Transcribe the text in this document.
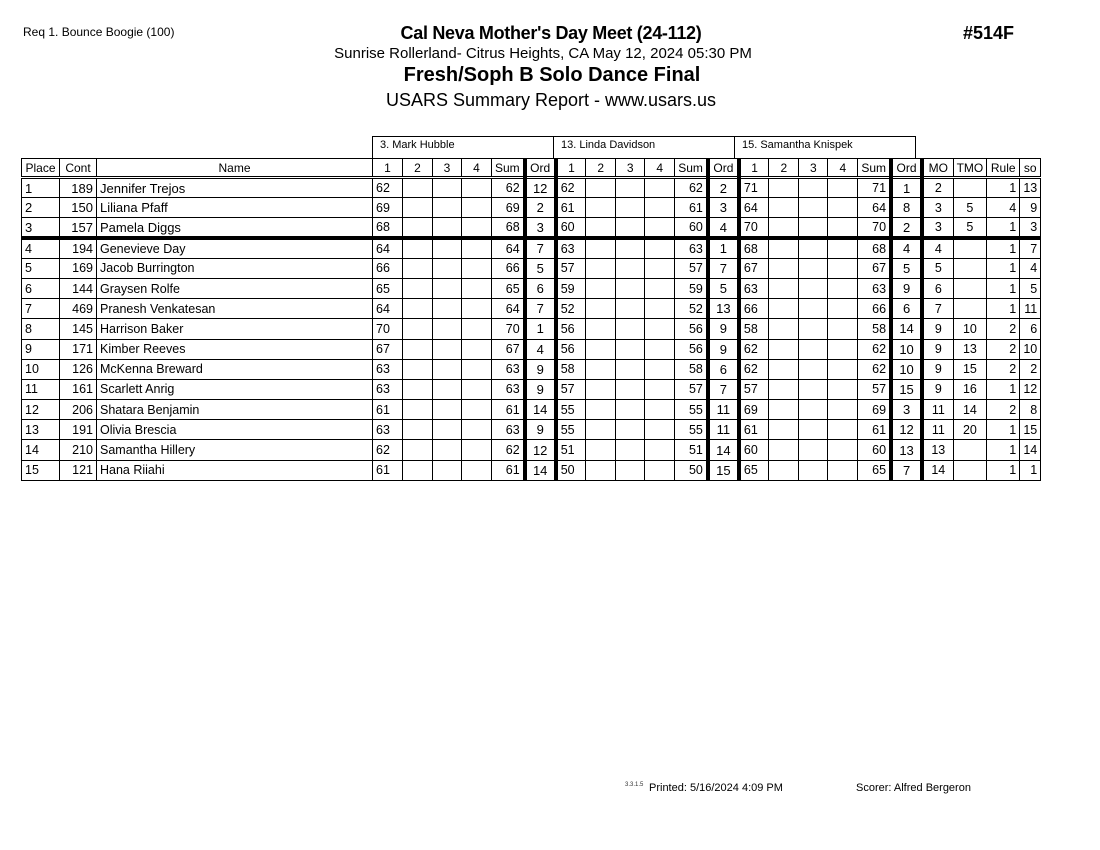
Req 1. Bounce Boogie (100)	Cal Neva Mother's Day Meet (24-112)	#514F
Sunrise Rollerland- Citrus Heights, CA May 12, 2024 05:30 PM
Fresh/Soph B Solo Dance Final
USARS Summary Report - www.usars.us
3. Mark Hubble	13. Linda Davidson	15. Samantha Knispek
Place	Cont	Name	1	2	3	4	Sum	Ord	1	2	3	4	Sum	Ord	1	2	3	4	Sum	Ord	MO	TMO	Rule	so
1	189	Jennifer Trejos	62				62	12	62				62	2	71				71	1	2		1	13
2	150	Liliana Pfaff	69				69	2	61				61	3	64				64	8	3	5	4	9
3	157	Pamela Diggs	68				68	3	60				60	4	70				70	2	3	5	1	3
4	194	Genevieve Day	64				64	7	63				63	1	68				68	4	4		1	7
5	169	Jacob Burrington	66				66	5	57				57	7	67				67	5	5		1	4
6	144	Graysen Rolfe	65				65	6	59				59	5	63				63	9	6		1	5
7	469	Pranesh Venkatesan	64				64	7	52				52	13	66				66	6	7		1	11
8	145	Harrison Baker	70				70	1	56				56	9	58				58	14	9	10	2	6
9	171	Kimber Reeves	67				67	4	56				56	9	62				62	10	9	13	2	10
10	126	McKenna Breward	63				63	9	58				58	6	62				62	10	9	15	2	2
11	161	Scarlett Anrig	63				63	9	57				57	7	57				57	15	9	16	1	12
12	206	Shatara Benjamin	61				61	14	55				55	11	69				69	3	11	14	2	8
13	191	Olivia Brescia	63				63	9	55				55	11	61				61	12	11	20	1	15
14	210	Samantha Hillery	62				62	12	51				51	14	60				60	13	13		1	14
15	121	Hana Riiahi	61				61	14	50				50	15	65				65	7	14		1	1
3.3.1.5 Printed: 5/16/2024 4:09 PM	Scorer: Alfred Bergeron
